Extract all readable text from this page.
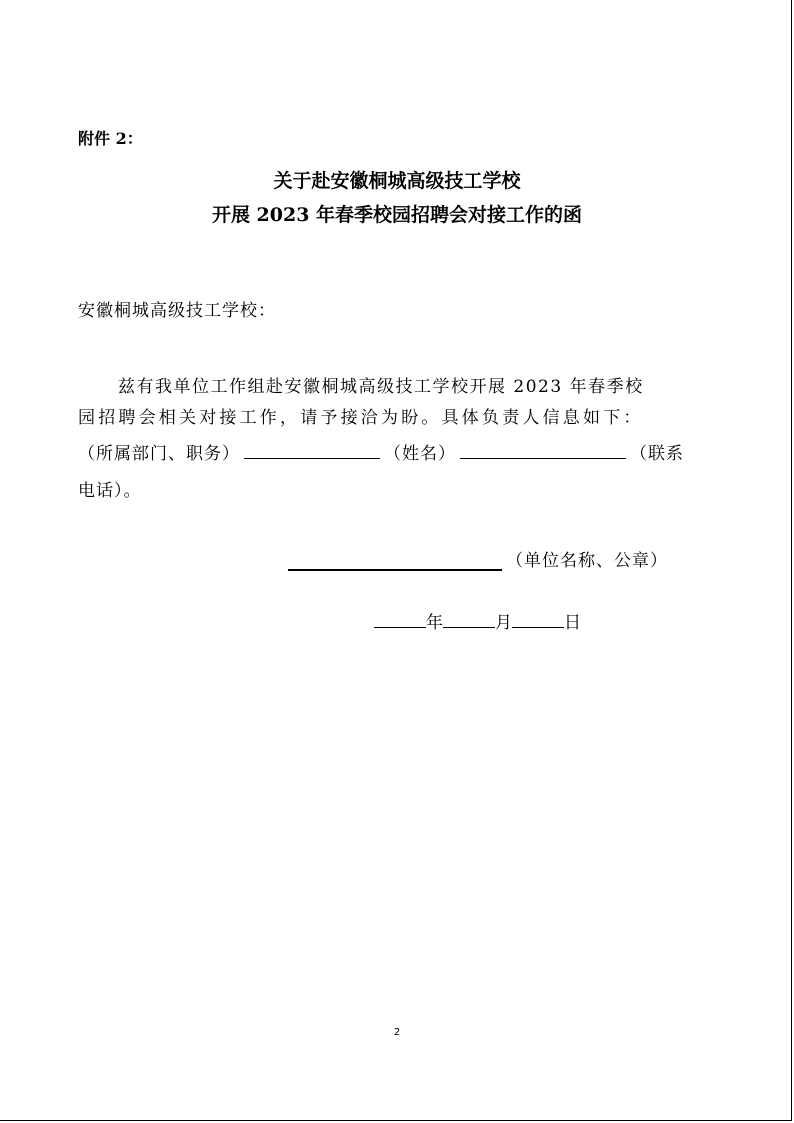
附件 2：
关于赴安徽桐城高级技工学校
开展 2023 年春季校园招聘会对接工作的函
安徽桐城高级技工学校：
兹有我单位工作组赴安徽桐城高级技工学校开展 2023 年春季校
园招聘会相关对接工作，请予接洽为盼。具体负责人信息如下：
（所属部门、职务）	（姓名）	（联系
电话）。
（单位名称、公章）
年	月	日
2
